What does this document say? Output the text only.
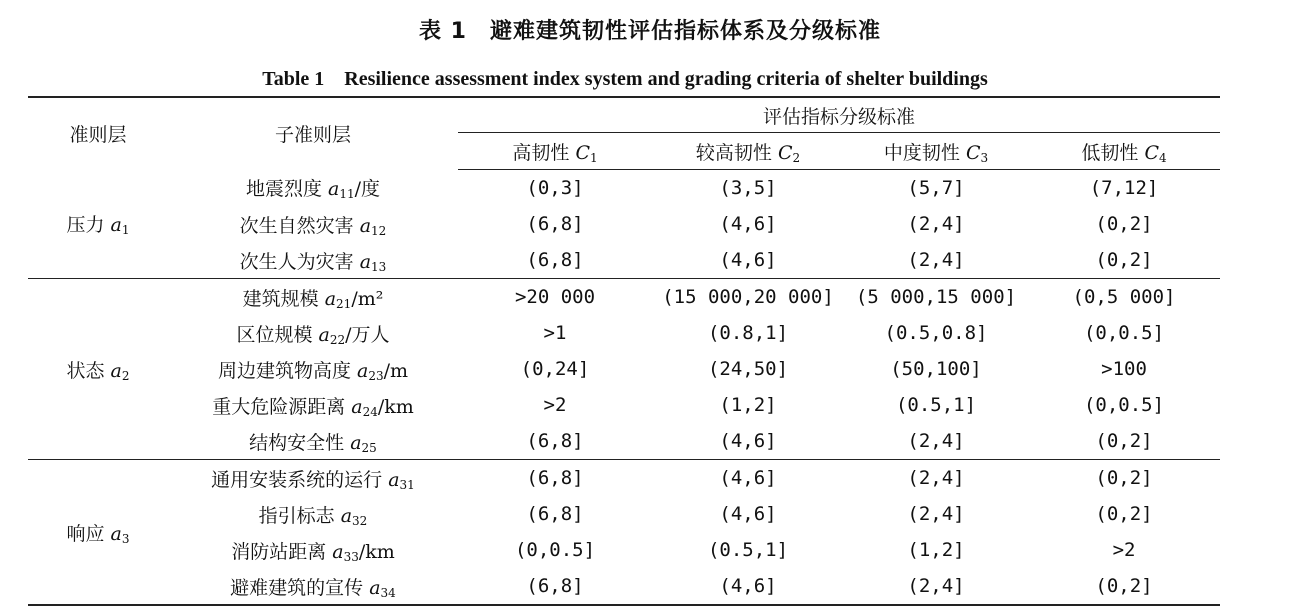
表 1　避难建筑韧性评估指标体系及分级标准
Table 1　Resilience assessment index system and grading criteria of shelter buildings
准则层	子准则层	评估指标分级标准			
		高韧性 $C_1$	较高韧性 $C_2$	中度韧性 $C_3$	低韧性 $C_4$
压力 $a_1$	地震烈度 $a_{11}/$度	(0,3]	(3,5]	(5,7]	(7,12]
	次生自然灾害 $a_{12}$	(6,8]	(4,6]	(2,4]	(0,2]
	次生人为灾害 $a_{13}$	(6,8]	(4,6]	(2,4]	(0,2]
状态 $a_2$	建筑规模 $a_{21}/m^2$	>20 000	(15 000,20 000]	(5 000,15 000]	(0,5 000]
	区位规模 $a_{22}/$万人	>1	(0.8,1]	(0.5,0.8]	(0,0.5]
	周边建筑物高度 $a_{23}/m$	(0,24]	(24,50]	(50,100]	>100
	重大危险源距离 $a_{24}/km$	>2	(1,2]	(0.5,1]	(0,0.5]
	结构安全性 $a_{25}$	(6,8]	(4,6]	(2,4]	(0,2]
响应 $a_3$	通用安装系统的运行 $a_{31}$	(6,8]	(4,6]	(2,4]	(0,2]
	指引标志 $a_{32}$	(6,8]	(4,6]	(2,4]	(0,2]
	消防站距离 $a_{33}/km$	(0,0.5]	(0.5,1]	(1,2]	>2
	避难建筑的宣传 $a_{34}$	(6,8]	(4,6]	(2,4]	(0,2]
